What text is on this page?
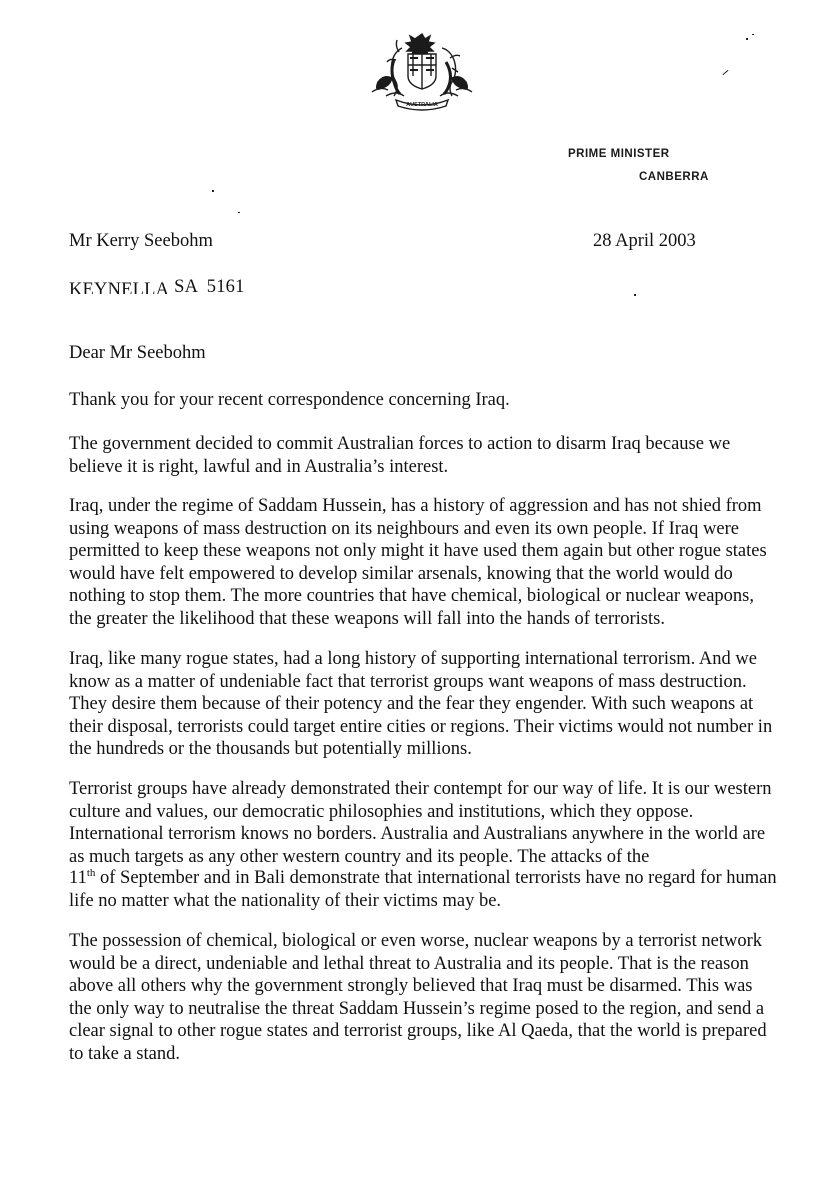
AUSTRALIA
PRIME MINISTER
CANBERRA
Mr Kerry Seebohm	28 April 2003
KEYNELLA SA  5161
Dear Mr Seebohm
Thank you for your recent correspondence concerning Iraq.
The government decided to commit Australian forces to action to disarm Iraq because we
believe it is right, lawful and in Australia’s interest.
Iraq, under the regime of Saddam Hussein, has a history of aggression and has not shied from
using weapons of mass destruction on its neighbours and even its own people. If Iraq were
permitted to keep these weapons not only might it have used them again but other rogue states
would have felt empowered to develop similar arsenals, knowing that the world would do
nothing to stop them. The more countries that have chemical, biological or nuclear weapons,
the greater the likelihood that these weapons will fall into the hands of terrorists.
Iraq, like many rogue states, had a long history of supporting international terrorism. And we
know as a matter of undeniable fact that terrorist groups want weapons of mass destruction.
They desire them because of their potency and the fear they engender. With such weapons at
their disposal, terrorists could target entire cities or regions. Their victims would not number in
the hundreds or the thousands but potentially millions.
Terrorist groups have already demonstrated their contempt for our way of life. It is our western
culture and values, our democratic philosophies and institutions, which they oppose.
International terrorism knows no borders. Australia and Australians anywhere in the world are
as much targets as any other western country and its people. The attacks of the
11th of September and in Bali demonstrate that international terrorists have no regard for human
life no matter what the nationality of their victims may be.
The possession of chemical, biological or even worse, nuclear weapons by a terrorist network
would be a direct, undeniable and lethal threat to Australia and its people. That is the reason
above all others why the government strongly believed that Iraq must be disarmed. This was
the only way to neutralise the threat Saddam Hussein’s regime posed to the region, and send a
clear signal to other rogue states and terrorist groups, like Al Qaeda, that the world is prepared
to take a stand.
